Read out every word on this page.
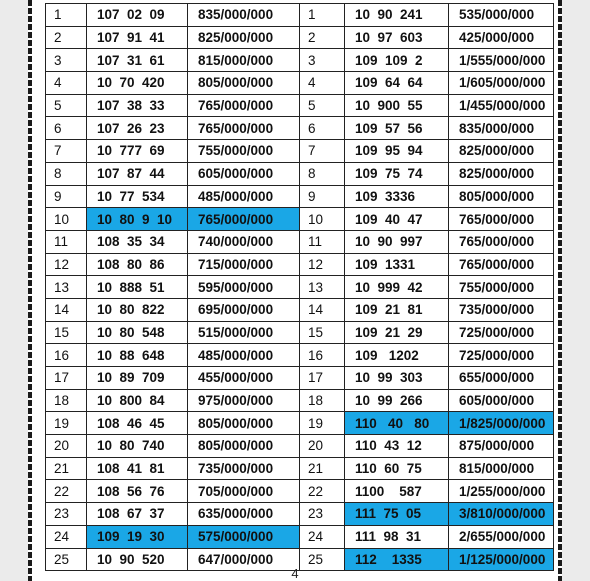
1	107  02  09	835/000/000	1	10  90  241	535/000/000
2	107  91  41	825/000/000	2	10  97  603	425/000/000
3	107  31  61	815/000/000	3	109  109  2	1/555/000/000
4	10  70  420	805/000/000	4	109  64  64	1/605/000/000
5	107  38  33	765/000/000	5	10  900  55	1/455/000/000
6	107  26  23	765/000/000	6	109  57  56	835/000/000
7	10  777  69	755/000/000	7	109  95  94	825/000/000
8	107  87  44	605/000/000	8	109  75  74	825/000/000
9	10  77  534	485/000/000	9	109  3336	805/000/000
10	10  80  9  10	765/000/000	10	109  40  47	765/000/000
11	108  35  34	740/000/000	11	10  90  997	765/000/000
12	108  80  86	715/000/000	12	109  1331	765/000/000
13	10  888  51	595/000/000	13	10  999  42	755/000/000
14	10  80  822	695/000/000	14	109  21  81	735/000/000
15	10  80  548	515/000/000	15	109  21  29	725/000/000
16	10  88  648	485/000/000	16	109   1202	725/000/000
17	10  89  709	455/000/000	17	10  99  303	655/000/000
18	10  800  84	975/000/000	18	10  99  266	605/000/000
19	108  46  45	805/000/000	19	110   40   80	1/825/000/000
20	10  80  740	805/000/000	20	110  43  12	875/000/000
21	108  41  81	735/000/000	21	110  60  75	815/000/000
22	108  56  76	705/000/000	22	1100    587	1/255/000/000
23	108  67  37	635/000/000	23	111  75  05	3/810/000/000
24	109  19  30	575/000/000	24	111  98  31	2/655/000/000
25	10  90  520	647/000/000	25	112    1335	1/125/000/000
4
